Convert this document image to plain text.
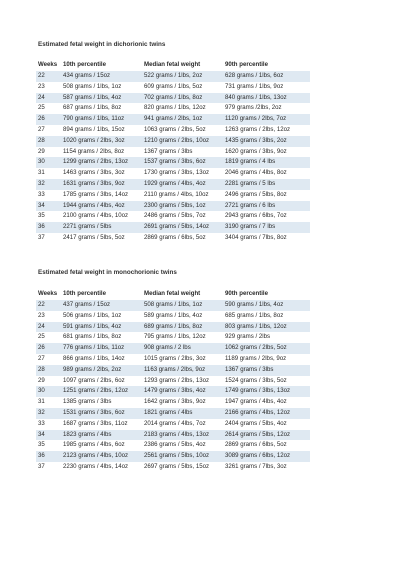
Estimated fetal weight in dichorionic twins
Weeks	10th percentile	Median fetal weight	90th percentile
22	434 grams / 15oz	522 grams / 1lbs, 2oz	628 grams / 1lbs, 6oz
23	508 grams / 1lbs, 1oz	609 grams / 1lbs, 5oz	731 grams / 1lbs, 9oz
24	587 grams / 1lbs, 4oz	702 grams / 1lbs, 8oz	840 grams / 1lbs, 13oz
25	687 grams / 1lbs, 8oz	820 grams / 1lbs, 12oz	979 grams /2lbs, 2oz
26	790 grams / 1lbs, 11oz	941 grams / 2lbs, 1oz	1120 grams / 2lbs, 7oz
27	894 grams / 1lbs, 15oz	1063 grams / 2lbs, 5oz	1263 grams / 2lbs, 12oz
28	1020 grams / 2lbs, 3oz	1210 grams / 2lbs, 10oz	1435 grams / 3lbs, 2oz
29	1154 grams / 2lbs, 8oz	1367 grams / 3lbs	1620 grams / 3lbs, 9oz
30	1299 grams / 2lbs, 13oz	1537 grams / 3lbs, 6oz	1819 grams / 4 lbs
31	1463 grams / 3lbs, 3oz	1730 grams / 3lbs, 13oz	2046 grams / 4lbs, 8oz
32	1631 grams / 3lbs, 9oz	1929 grams / 4lbs, 4oz	2281 grams / 5 lbs
33	1785 grams / 3lbs, 14oz	2110 grams / 4lbs, 10oz	2496 grams / 5lbs, 8oz
34	1944 grams / 4lbs, 4oz	2300 grams / 5lbs, 1oz	2721 grams / 6 lbs
35	2100 grams / 4lbs, 10oz	2486 grams / 5lbs, 7oz	2943 grams / 6lbs, 7oz
36	2271 grams / 5lbs	2691 grams / 5lbs, 14oz	3190 grams / 7 lbs
37	2417 grams / 5lbs, 5oz	2869 grams / 6lbs, 5oz	3404 grams / 7lbs, 8oz
Estimated fetal weight in monochorionic twins
Weeks	10th percentile	Median fetal weight	90th percentile
22	437 grams / 15oz	508 grams / 1lbs, 1oz	590 grams / 1lbs, 4oz
23	506 grams / 1lbs, 1oz	589 grams / 1lbs, 4oz	685 grams / 1lbs, 8oz
24	591 grams / 1lbs, 4oz	689 grams / 1lbs, 8oz	803 grams / 1lbs, 12oz
25	681 grams / 1lbs, 8oz	795 grams / 1lbs, 12oz	929 grams / 2lbs
26	776 grams / 1lbs, 11oz	908 grams / 2 lbs	1062 grams / 2lbs, 5oz
27	866 grams / 1lbs, 14oz	1015 grams / 2lbs, 3oz	1189 grams / 2lbs, 9oz
28	989 grams / 2lbs, 2oz	1163 grams / 2lbs, 9oz	1367 grams / 3lbs
29	1097 grams / 2lbs, 6oz	1293 grams / 2lbs, 13oz	1524 grams / 3lbs, 5oz
30	1251 grams / 2lbs, 12oz	1479 grams / 3lbs, 4oz	1749 grams / 3lbs, 13oz
31	1385 grams / 3lbs	1642 grams / 3lbs, 9oz	1947 grams / 4lbs, 4oz
32	1531 grams / 3lbs, 6oz	1821 grams / 4lbs	2166 grams / 4lbs, 12oz
33	1687 grams / 3lbs, 11oz	2014 grams / 4lbs, 7oz	2404 grams / 5lbs, 4oz
34	1823 grams / 4lbs	2183 grams / 4lbs, 13oz	2614 grams / 5lbs, 12oz
35	1985 grams / 4lbs, 6oz	2386 grams / 5lbs, 4oz	2869 grams / 6lbs, 5oz
36	2123 grams / 4lbs, 10oz	2561 grams / 5lbs, 10oz	3089 grams / 6lbs, 12oz
37	2230 grams / 4lbs, 14oz	2697 grams / 5lbs, 15oz	3261 grams / 7lbs, 3oz
